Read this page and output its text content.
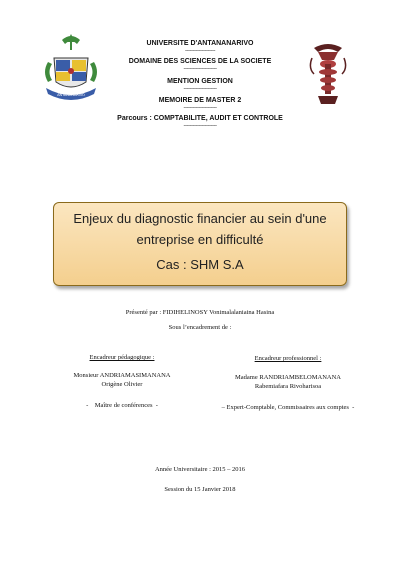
ANTANANARIVO
UNIVERSITE D'ANTANANARIVO
--------------------
DOMAINE DES SCIENCES DE LA SOCIETE
----------------------
MENTION GESTION
----------------------
MEMOIRE DE MASTER 2
----------------------
Parcours : COMPTABILITE, AUDIT ET CONTROLE
----------------------
Enjeux du diagnostic financier au sein d'une
entreprise en difficulté
Cas : SHM S.A
Présenté par : FIDIHELINOSY Vonimalalaniaina Hasina
Sous l’encadrement de :
Encadreur pédagogique :
Monsieur ANDRIAMASIMANANA
Origène Olivier
-    Maître de conférences  -
Encadreur professionnel :
Madame RANDRIAMBELOMANANA
Rabemiafara Rivoharisoa
– Expert-Comptable, Commissaires aux comptes  -
Année Universitaire : 2015 – 2016
Session du 15 Janvier 2018
